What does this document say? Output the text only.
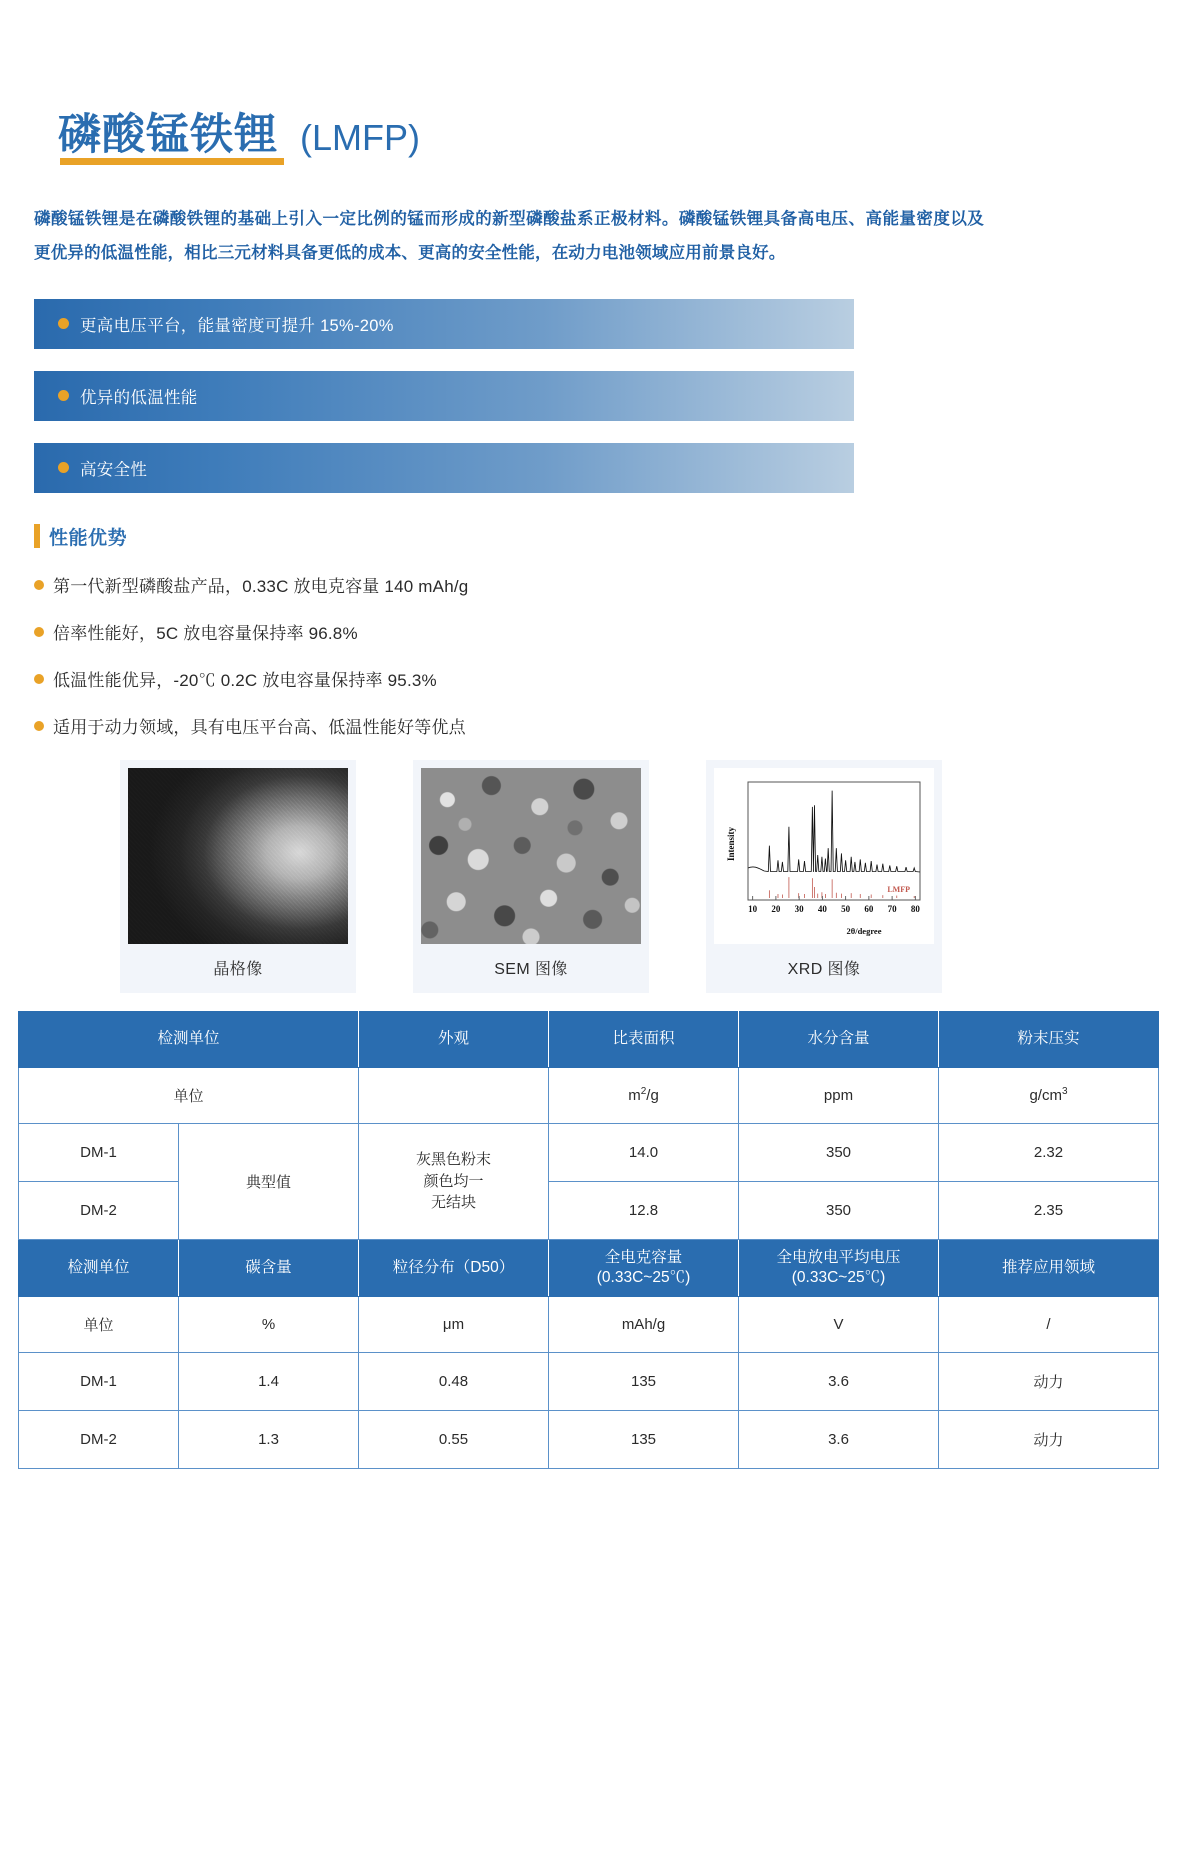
磷酸锰铁锂 (LMFP)
磷酸锰铁锂是在磷酸铁锂的基础上引入一定比例的锰而形成的新型磷酸盐系正极材料。磷酸锰铁锂具备高电压、高能量密度以及更优异的低温性能，相比三元材料具备更低的成本、更高的安全性能，在动力电池领域应用前景良好。
更高电压平台，能量密度可提升 15%-20%
优异的低温性能
高安全性
性能优势
第一代新型磷酸盐产品，0.33C 放电克容量 140 mAh/g
倍率性能好，5C 放电容量保持率 96.8%
低温性能优异，-20℃ 0.2C 放电容量保持率 95.3%
适用于动力领域，具有电压平台高、低温性能好等优点
晶格像	SEM 图像
Intensity
10 20 30 40 50 60 70 80
2θ/degree
LMFP
XRD 图像
检测单位		外观	比表面积	水分含量	粉末压实
单位			$m^2/g$	ppm	$g/cm^3$
DM-1	典型值	灰黑色粉末
颜色均一
无结块	14.0	350	2.32
DM-2			12.8	350	2.35
检测单位	碳含量	粒径分布（D50）	全电克容量
(0.33C~25℃)	全电放电平均电压
(0.33C~25℃)	推荐应用领域
单位	%	μm	mAh/g	V	/
DM-1	1.4	0.48	135	3.6	动力
DM-2	1.3	0.55	135	3.6	动力
